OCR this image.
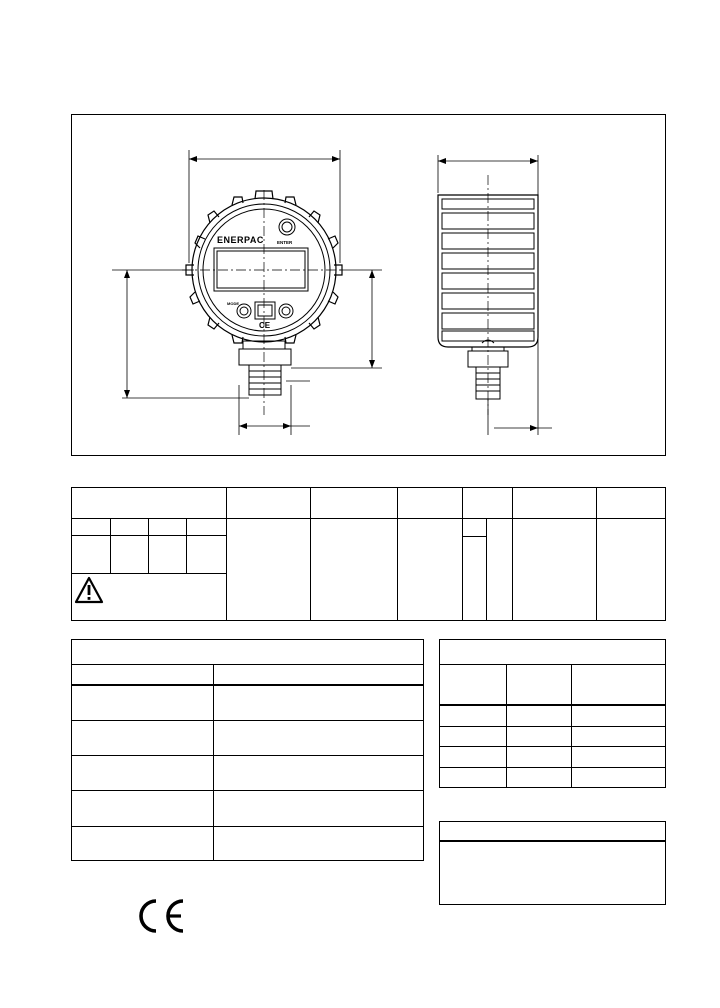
ENERPAC	ENTER
MODE
CE
